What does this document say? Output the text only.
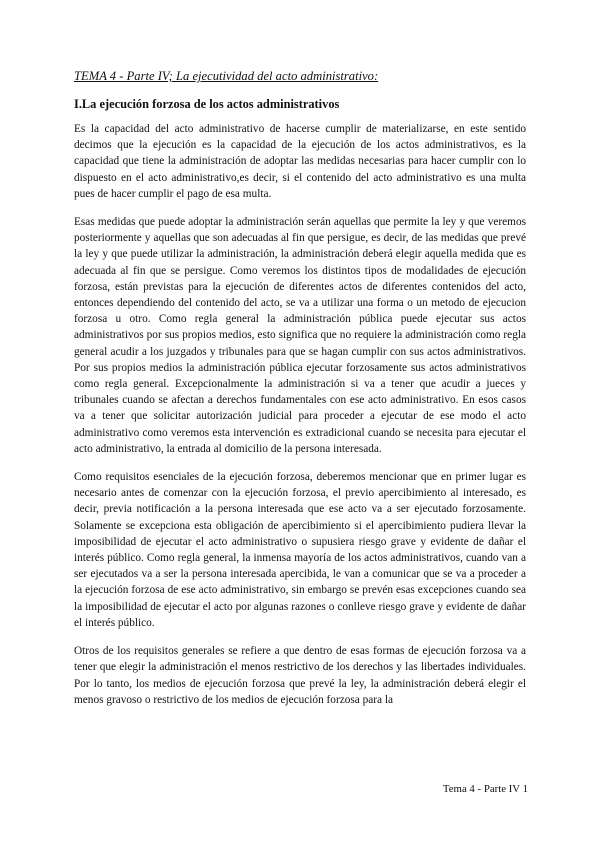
TEMA 4 - Parte IV; La ejecutividad del acto administrativo:
I.La ejecución forzosa de los actos administrativos

Es la capacidad del acto administrativo de hacerse cumplir de materializarse, en este sentido decimos que la ejecución es la capacidad de la ejecución de los actos administrativos, es la capacidad que tiene la administración de adoptar las medidas necesarias para hacer cumplir con lo dispuesto en el acto administrativo,es decir, si el contenido del acto administrativo es una multa pues de hacer cumplir el pago de esa multa.

Esas medidas que puede adoptar la administración serán aquellas que permite la ley y que veremos posteriormente y aquellas que son adecuadas al fin que persigue, es decir, de las medidas que prevé la ley y que puede utilizar la administración, la administración deberá elegir aquella medida que es adecuada al fin que se persigue. Como veremos los distintos tipos de modalidades de ejecución forzosa, están previstas para la ejecución de diferentes actos de diferentes contenidos del acto, entonces dependiendo del contenido del acto, se va a utilizar una forma o un metodo de ejecucion forzosa u otro. Como regla general la administración pública puede ejecutar sus actos administrativos por sus propios medios, esto significa que no requiere la administración como regla general acudir a los juzgados y tribunales para que se hagan cumplir con sus actos administrativos. Por sus propios medios la administración pública ejecutar forzosamente sus actos administrativos como regla general. Excepcionalmente la administración si va a tener que acudir a jueces y tribunales cuando se afectan a derechos fundamentales con ese acto administrativo. En esos casos va a tener que solicitar autorización judicial para proceder a ejecutar de ese modo el acto administrativo como veremos esta intervención es extradicional cuando se necesita para ejecutar el acto administrativo, la entrada al domicilio de la persona interesada.

Como requisitos esenciales de la ejecución forzosa, deberemos mencionar que en primer lugar es necesario antes de comenzar con la ejecución forzosa, el previo apercibimiento al interesado, es decir, previa notificación a la persona interesada que ese acto va a ser ejecutado forzosamente. Solamente se excepciona esta obligación de apercibimiento si el apercibimiento pudiera llevar la imposibilidad de ejecutar el acto administrativo o supusiera riesgo grave y evidente de dañar el interés público. Como regla general, la inmensa mayoría de los actos administrativos, cuando van a ser ejecutados va a ser la persona interesada apercibida, le van a comunicar que se va a proceder a la ejecución forzosa de ese acto administrativo, sin embargo se prevén esas excepciones cuando sea la imposibilidad de ejecutar el acto por algunas razones o conlleve riesgo grave y evidente de dañar el interés público.

Otros de los requisitos generales se refiere a que dentro de esas formas de ejecución forzosa va a tener que elegir la administración el menos restrictivo de los derechos y las libertades individuales. Por lo tanto, los medios de ejecución forzosa que prevé la ley, la administración deberá elegir el menos gravoso o restrictivo de los medios de ejecución forzosa para la

Tema 4 - Parte IV 1
